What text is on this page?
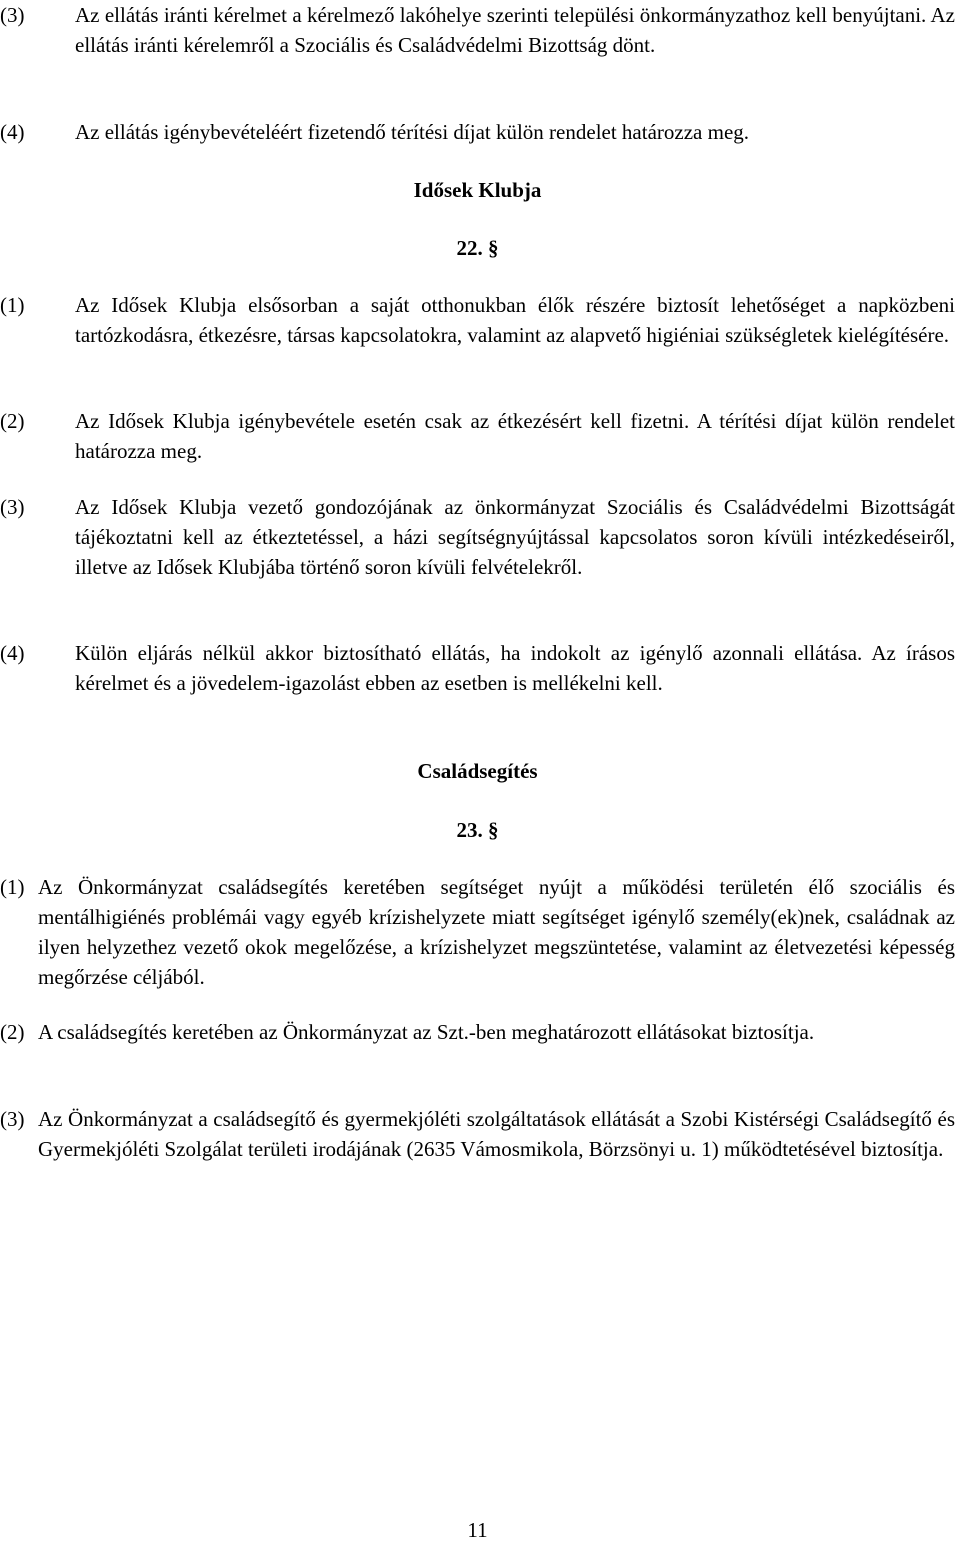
(3) Az ellátás iránti kérelmet a kérelmező lakóhelye szerinti települési önkormányzathoz kell benyújtani. Az ellátás iránti kérelemről a Szociális és Családvédelmi Bizottság dönt.
(4) Az ellátás igénybevételéért fizetendő térítési díjat külön rendelet határozza meg.
Idősek Klubja
22. §
(1) Az Idősek Klubja elsősorban a saját otthonukban élők részére biztosít lehetőséget a napközbeni tartózkodásra, étkezésre, társas kapcsolatokra, valamint az alapvető higiéniai szükségletek kielégítésére.
(2) Az Idősek Klubja igénybevétele esetén csak az étkezésért kell fizetni. A térítési díjat külön rendelet határozza meg.
(3) Az Idősek Klubja vezető gondozójának az önkormányzat Szociális és Családvédelmi Bizottságát tájékoztatni kell az étkeztetéssel, a házi segítségnyújtással kapcsolatos soron kívüli intézkedéseiről, illetve az Idősek Klubjába történő soron kívüli felvételekről.
(4) Külön eljárás nélkül akkor biztosítható ellátás, ha indokolt az igénylő azonnali ellátása. Az írásos kérelmet és a jövedelem-igazolást ebben az esetben is mellékelni kell.
Családsegítés
23. §
(1) Az Önkormányzat családsegítés keretében segítséget nyújt a működési területén élő szociális és mentálhigiénés problémái vagy egyéb krízishelyzete miatt segítséget igénylő személy(ek)nek, családnak az ilyen helyzethez vezető okok megelőzése, a krízishelyzet megszüntetése, valamint az életvezetési képesség megőrzése céljából.
(2) A családsegítés keretében az Önkormányzat az Szt.-ben meghatározott ellátásokat biztosítja.
(3) Az Önkormányzat a családsegítő és gyermekjóléti szolgáltatások ellátását a Szobi Kistérségi Családsegítő és Gyermekjóléti Szolgálat területi irodájának (2635 Vámosmikola, Börzsönyi u. 1) működtetésével biztosítja.
11
